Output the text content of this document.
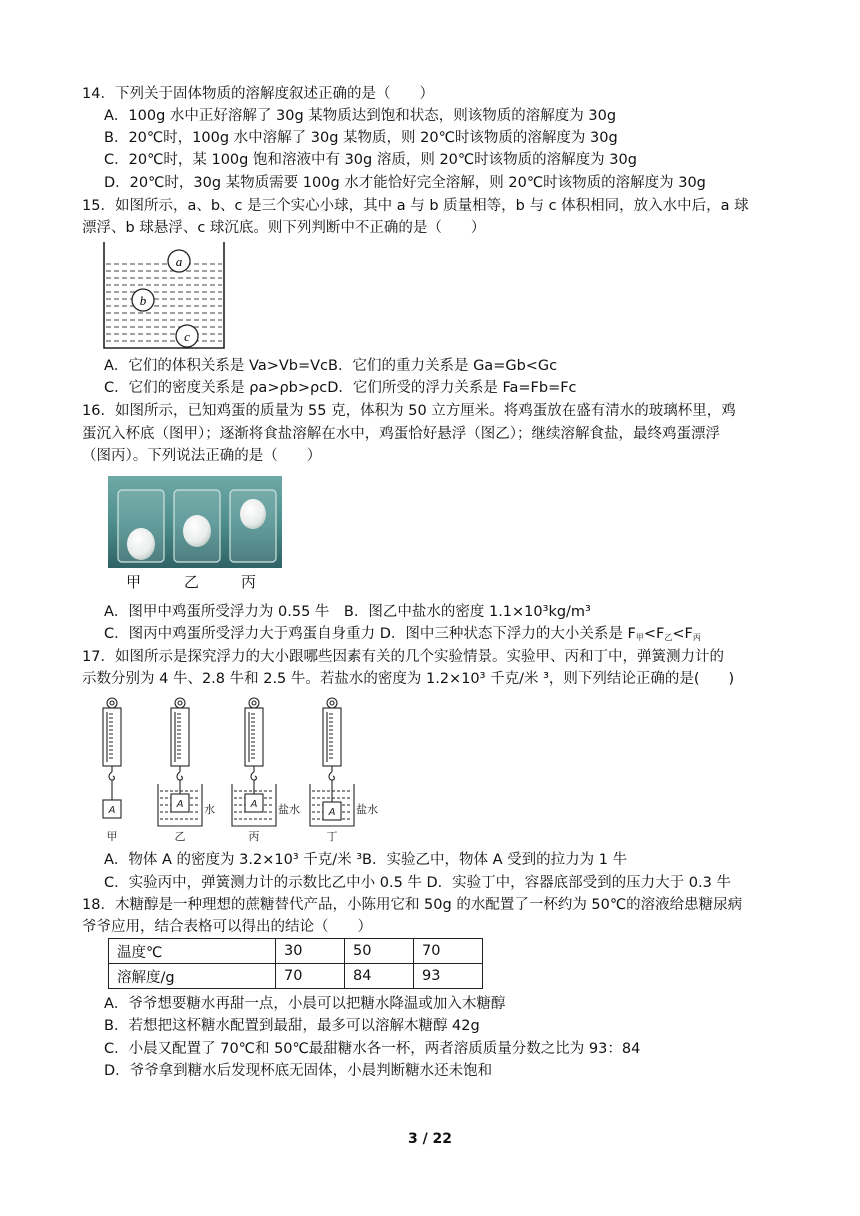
14．下列关于固体物质的溶解度叙述正确的是（　　）
A．100g 水中正好溶解了 30g 某物质达到饱和状态，则该物质的溶解度为 30g
B．20℃时，100g 水中溶解了 30g 某物质，则 20℃时该物质的溶解度为 30g
C．20℃时，某 100g 饱和溶液中有 30g 溶质，则 20℃时该物质的溶解度为 30g
D．20℃时，30g 某物质需要 100g 水才能恰好完全溶解，则 20℃时该物质的溶解度为 30g
15．如图所示，a、b、c 是三个实心小球，其中 a 与 b 质量相等，b 与 c 体积相同，放入水中后，a 球
漂浮、b 球悬浮、c 球沉底。则下列判断中不正确的是（　　）
a
b
c
A．它们的体积关系是 Va>Vb=VcB．它们的重力关系是 Ga=Gb<Gc
C．它们的密度关系是 ρa>ρb>ρcD．它们所受的浮力关系是 Fa=Fb=Fc
16．如图所示，已知鸡蛋的质量为 55 克，体积为 50 立方厘米。将鸡蛋放在盛有清水的玻璃杯里，鸡
蛋沉入杯底（图甲）；逐渐将食盐溶解在水中，鸡蛋恰好悬浮（图乙）；继续溶解食盐，最终鸡蛋漂浮
（图丙）。下列说法正确的是（　　）
甲	乙	丙
A．图甲中鸡蛋所受浮力为 0.55 牛　B．图乙中盐水的密度 1.1×10³kg/m³
C．图丙中鸡蛋所受浮力大于鸡蛋自身重力 D．图中三种状态下浮力的大小关系是 $F_甲<F_乙<F_丙$
17．如图所示是探究浮力的大小跟哪些因素有关的几个实验情景。实验甲、丙和丁中，弹簧测力计的
示数分别为 4 牛、2.8 牛和 2.5 牛。若盐水的密度为 1.2×10³ 千克/米 ³，则下列结论正确的是(　　)
A
A	A
A
水	盐水	盐水
甲	乙	丙	丁
A．物体 A 的密度为 3.2×10³ 千克/米 ³B．实验乙中，物体 A 受到的拉力为 1 牛
C．实验丙中，弹簧测力计的示数比乙中小 0.5 牛 D．实验丁中，容器底部受到的压力大于 0.3 牛
18．木糖醇是一种理想的蔗糖替代产品，小陈用它和 50g 的水配置了一杯约为 50℃的溶液给患糖尿病
爷爷应用，结合表格可以得出的结论（　　）
温度℃	30	50	70
溶解度/g	70	84	93
A．爷爷想要糖水再甜一点，小晨可以把糖水降温或加入木糖醇
B．若想把这杯糖水配置到最甜，最多可以溶解木糖醇 42g
C．小晨又配置了 70℃和 50℃最甜糖水各一杯，两者溶质质量分数之比为 93：84
D．爷爷拿到糖水后发现杯底无固体，小晨判断糖水还未饱和
3 / 22
